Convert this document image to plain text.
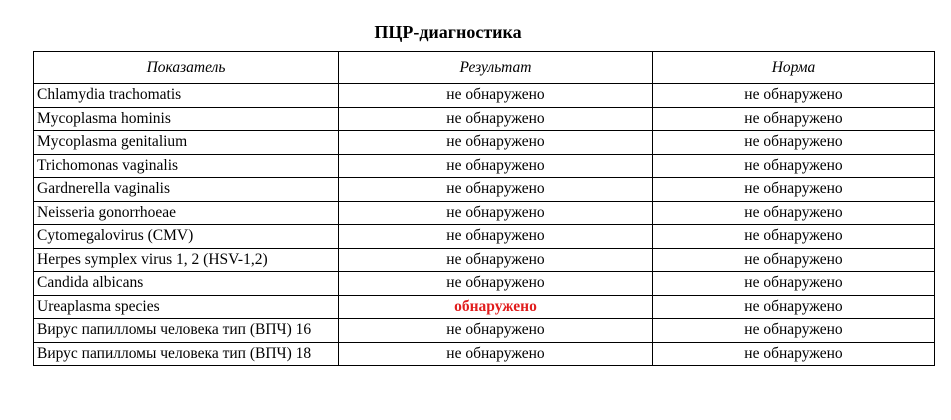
ПЦР-диагностика
Показатель	Результат	Норма
Chlamydia trachomatis	не обнаружено	не обнаружено
Mycoplasma hominis	не обнаружено	не обнаружено
Mycoplasma genitalium	не обнаружено	не обнаружено
Trichomonas vaginalis	не обнаружено	не обнаружено
Gardnerella vaginalis	не обнаружено	не обнаружено
Neisseria gonorrhoeae	не обнаружено	не обнаружено
Cytomegalovirus (CMV)	не обнаружено	не обнаружено
Herpes symplex virus 1, 2 (HSV-1,2)	не обнаружено	не обнаружено
Candida albicans	не обнаружено	не обнаружено
Ureaplasma species	обнаружено	не обнаружено
Вирус папилломы человека тип (ВПЧ) 16	не обнаружено	не обнаружено
Вирус папилломы человека тип (ВПЧ) 18	не обнаружено	не обнаружено
